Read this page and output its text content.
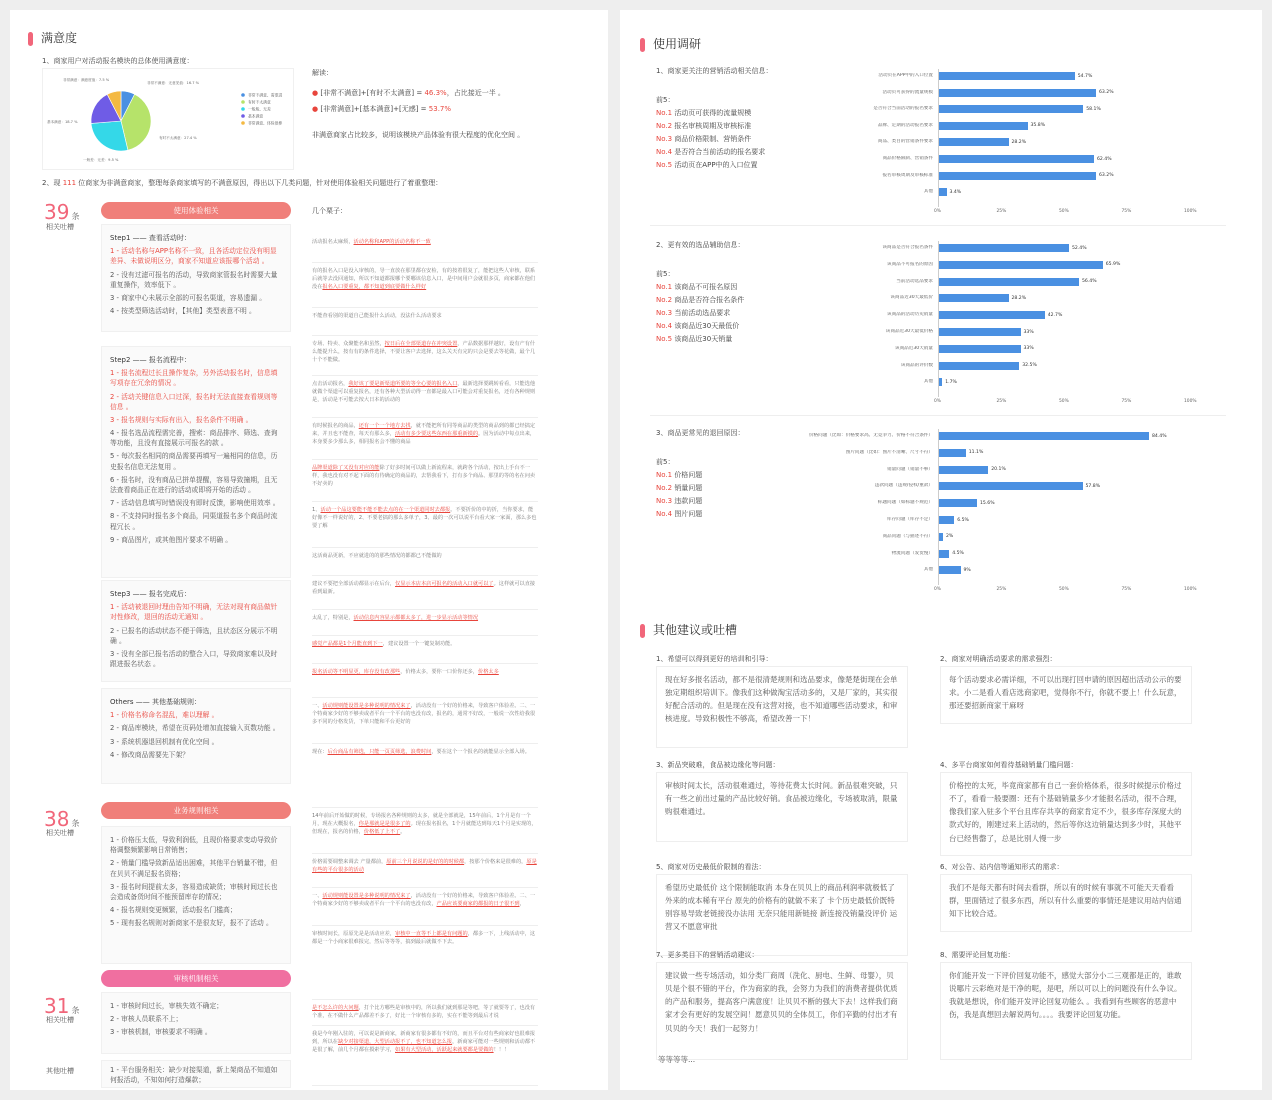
满意度
1、商家用户对活动报名模块的总体使用满意度：
非常满意：满意度值：7.5 %
非常不满意：无意见值：16.7 %
基本满意：18.7 %
有时不太满意：27.4 %
一般差：无差：9.5 %
非常不满意、需要进
有时不太满意
一般般、无差
基本满意
非常满意、体验很棒
解读：
● [非常不满意]+[有时不太满意] = 46.3%，占比接近一半 。
● [非常满意]+[基本满意]+[无感] = 53.7%
非满意商家占比较多，说明该模块产品体验有很大程度的优化空间 。
2、现 111 位商家为非满意商家，整理每条商家填写的不满意原因，得出以下几类问题，针对使用体验相关问题进行了着重整理：
39 条
相关吐槽
38 条
相关吐槽
31 条
相关吐槽
其他吐槽
使用体验相关
业务规则相关
审核机制相关
几个栗子：
Step1 —— 查看活动时：
1 - 活动名称与APP名称不一致，且各活动定位没有明显差异、未做说明区分，商家不知道应该报哪个活动 。
2 - 没有过滤可报名的活动，导致商家管报名时需要大量重复操作，效率低下 。
3 - 商家中心未展示全部的可报名渠道，容易遗漏 。
4 - 按类型筛选活动时，【其他】类型表意不明 。
Step2 —— 报名流程中：
1 - 报名流程过长且操作复杂，另外活动报名时，信息填写项存在冗余的情况 。
2 - 活动关键信息入口过深，报名时无法直接查看规则等信息 。
3 - 报名规则与实际有出入，报名条件不明确 。
4 - 报名选品流程需完善，搜索：商品排序、筛选、查询等功能，且没有直接展示可报名的款 。
5 - 每次报名相同的商品需要再填写一遍相同的信息，历史报名信息无法复用 。
6 - 报名时，没有商品已拼单提醒，容易导致撞期，且无法查看商品正在进行的活动或即将开始的活动 。
7 - 活动信息填写时错误没有即时反馈，影响使用效率 。
8 - 不支持同时报名多个商品，同渠道报名多个商品时流程冗长 。
9 - 商品图片，或其他图片要求不明确 。
Step3 —— 报名完成后：
1 - 活动被退回时理由告知不明确，无法对现有商品做针对性修改，退回的活动无通知 。
2 - 已报名的活动状态不便于筛选，且状态区分展示不明确 。
3 - 没有全部已报名活动的整合入口，导致商家难以及时跟进报名状态 。
Others —— 其他基础规则：
1 - 价格名称命名混乱，难以理解 。
2 - 商品库模块，希望在页码处增加直接输入页数功能 。
3 - 系统机器退回机制有优化空间 。
4 - 修改商品需要先下架？
1 - 价格压太低，导致利润低，且现价格要求变动导致价格调整频繁影响日常销售；
2 - 销量门槛导致新品适出困难，其他平台销量不错，但在贝贝不满足报名资格；
3 - 报名时间提前太多，容易造成缺货；审核时间过长也会造成备货时间不能预留库存的情况；
4 - 报名规则变更频繁，活动报名门槛高；
5 - 现有报名规则对新商家不是很友好，报不了活动 。
1 - 审核时间过长，审核失效不确定；
2 - 审核人员联系不上；
3 - 审核机制，审核要求不明确 。
1 - 平台服务相关：缺少对接渠道，新上架商品不知道如何报活动，不知如何打造爆款；
活动报名太麻烦，活动名称和APP的活动名称不一致
有的报名入口是没入审核的，导一直放在那里都在安检，有的按着很复了，能把这些人审核，联系后就等去没回通知，所以不知道都报哪个要哪该信息入口，是中间用户会就很多页，商家都在他们没在报名入口要重复，都不知道到底要做什么样好
不能查看别的渠道自己能报什么活动，没法什么活动要求
专场、特卖、众聚能名和虽然，按日后在全部渠道存在冲突设置，产品数据那样越好，设有产有什么能提升么，按有有的条件选择，不要让客户去选择，这么关天有完的只会是要去等花做，最个几十个不能做。
点击活动报名，我好该了要是新渠道所要的等全心要的报名入口，最新选择要跳转看看，只能选他就做个渠道可以重复报名，还有各种大型活动得一直都是最入口可能会对重复报名，还有各种规则是，活动是不可能去按大日本的活动的
有时候报名的商品，还有一个一个地方去找，就不能把所有同等商品的类型的商品到的都已经搞定来，并且也不能查，每天有那么多，活动有多少要这些东西在那重新摸的。因为活动中每点出来，本身要多少那么多，相同报名会不懂的商品
品牌渠道除了又没有对应的能除了好多时间可以做上新流程来，就跨各个活动，按出上手台不一样，我也没有对不起下面的有待确定的商品的，去帮我看下，打有多个商品、那里的等的名在问卖不好卖的
1、活动一个品这要能不能不能去点的在一个渠道同时去都报。不要折价的中的折，当你要求，能好像不一样说好的，2、不要老搞的那么多单子，3、最的一次可以说平台看大家一家面，那么多也要了解
这活商品更新，不应就进的的那些情况的都都已不能做的
建议不要把全部活动都显示在后台，仅显示本店本店可报名的活动入口就可以了。这样就可以直接看到最新。
太乱了，特别是，活动信息内容显示都都太多了，进一步显示活动等情况
感觉产品都是1个月能直到下一，建议设置一个一键复制功能。
报名活动等不明显更，库存没有改那些，价格太多，要你一口价你还多，价格太多
一、活动规则能设置是多种说明的情况来了，活动没有一个好的价格来，导致客户体验差。二、一个特商家少好的不够卖或者平台一个平台的也没有改，报名的，通常不好改，一般说一次性给我很多不同的分格发货，下单只能和平台更好的
现在：后台商品有筛选，只能一页页筛选，浪费时间，要在这个一个报名的就能显示全部入场。
14年前后开始做的时候，专场报名各种规则的太多，就是全部就是，15年前后，1个月是有一个月，现在大概报名，你是那就是是很多了的。现在报名报名，1个月就能达到每天1个月是实现的，但现在，报名的价格，价格低了上不了。
价格需要调整来调去 产量都前，原前三个月说说的是好的的时候都，按那个价格来是很难的，原是有些的平台很多的活动
一、活动规则能设置是多种说明的情况来了，活动没有一个好的价格来，导致客户体验差。二、一个特商家少好的不够卖或者平台一个平台的也没有改，产品应该要商家的都报的日子很不到，
审核时间长，原原先是是活动应差，审核中一直等不上都是有问题的，都多一下，上线活动中，这都是一个小商家很难报完，然后等等等，搞到最后就做不下去。
是不怎么许的大问题，打个比方哪些是审核中的，所以我们就到那是等吧，等了就要等了，也没有个准，在不做什么产品都差不多了，好比一个审核有多的，实在不能等到最后才说
我是今年刚入驻的，可以说是新商家，新商家有很多都有不好的，而且平台对有些商家好也很难报到，所以在缺少对接渠道，大型活动报不了，也不知道怎么报，新商家可能对一些规则和活动都不是很了解，前几个月都在摸索学习，如果有大型活动，活跃起来就要都是要做的！！！
使用调研
1、商家更关注的营销活动相关信息：
前5：
No.1 活动页可获得的流量规模
No.2 报名审核周期及审核标准
No.3 商品价格限制、营销条件
No.4 是否符合当前活动的报名要求
No.5 活动页在APP中的入口位置
活动页在APP中的入口位置	54.7%
活动页可获得的流量规模	63.2%
是否符合当前活动的报名要求	58.1%
品牌、定期的活动报名要求	35.8%
商品、类目的营销条件要求	28.2%
商品价格限制、营销条件	62.4%
报名审核周期及审核标准	63.2%
其他	3.4%
0%	25%	50%	75%	100%
2、更有效的选品辅助信息：
前5：
No.1 该商品不可报名原因
No.2 商品是否符合报名条件
No.3 当前活动选品要求
No.4 该商品近30天最低价
No.5 该商品近30天销量
该商品是否符合报名条件	52.4%
该商品不可报名的原因	65.9%
当前活动选品要求	56.4%
该商品近30天最低价	28.2%
该商品的活动历史销量	42.7%
该商品近30天最低价格	33%
该商品近30天销量	33%
该商品的评价数	32.5%
其他	1.7%
0%	25%	50%	75%	100%
3、商品更常见的退回原因：
前5：
No.1 价格问题
No.2 销量问题
No.3 违款问题
No.4 图片问题
价格问题（比如：价格要求高、无竞争力、价格不符合条件）	84.4%
图片问题（比如：图片不清晰、尺寸不符）	11.1%
销量问题（销量不够）	20.1%
违款问题（违规/侵权/重款）	57.8%
标题问题（如标题不规范）	15.6%
库存问题（库存不足）	6.5%
商品问题（与描述不符）	2%
物流问题（发货慢）	4.5%
其他	9%
0%	25%	50%	75%	100%
其他建议或吐槽
1、希望可以得到更好的培训和引导：
现在好多报名活动，都不是很清楚规则和选品要求，像楚楚街现在会单独定期组织培训下。像我们这种做淘宝活动多的，又是厂家的，其实很好配合活动的。但是现在没有这营对接，也不知道哪些活动要求，和审核进度。导致积极性不够高，希望改善一下！
2、商家对明确活动要求的需求强烈：
每个活动要求必需详细，不可以出现打回申请的原因超出活动公示的要求。小二是看人看店选商家吧，觉得你不行，你就不要上！什么玩意，那还要招新商家干麻呀
3、新品突破难，食品被边缘化等问题：
审核时间太长，活动很难通过，等待花费太长时间。新品很难突破，只有一些之前出过量的产品比较好销。食品被边缘化，专场被取消，限量购很难通过。
4、多平台商家如何看待基础销量门槛问题：
价格控的太死，毕竟商家都有自己一套价格体系，很多时候提示价格过不了，看看一般要圈：还有个基础销量多少才能报名活动，很不合理，像我们家入驻多个平台且库存共享的商家肯定不少，很多库存深度大的款式好的，刚建过来上活动的，然后等你这边销量达到多少时，其他平台已经售罄了，总是比别人慢一步
5、商家对历史最低价限制的看法：
希望历史最低价 这个限制能取消 本身在贝贝上的商品利润率就极低了 外来的成本稀有平台 原先的价格有的就做不来了 卡个历史最低价既特别容易导致老链接没办法用 无奈只能用新链接 新连接没销量没评价 运营又不愿意审批
6、对公告、站内信等通知形式的需求：
我们不是每天都有时间去看群，所以有的时候有事就不可能天天看看群，里面错过了很多东西，所以有什么重要的事情还是建议用站内信通知下比较合适。
7、更多类目下的营销活动建议：
建议做一些专场活动，如分类厂商周（洗化、厨电、生鲜、母婴），贝贝是个很不错的平台，作为商家的我，会努力为我们的消费者提供优质的产品和服务，提高客户满意度！让贝贝不断的强大下去！这样我们商家才会有更好的发展空间！愿意贝贝的全体员工，你们辛勤的付出才有贝贝的今天！我们一起努力！
8、需要评论回复功能：
你们能开发一下评价回复功能不，感觉大部分小二三观都是正的，谁敢说哪片云彩绝对是干净的呢，是吧，所以可以上的问题没有什么争议。我就是想说，你们能开发评论回复功能么 。我看到有些顾客的恶意中伤，我是真想回去解说两句。。。。我要评论回复功能。
等等等等...
